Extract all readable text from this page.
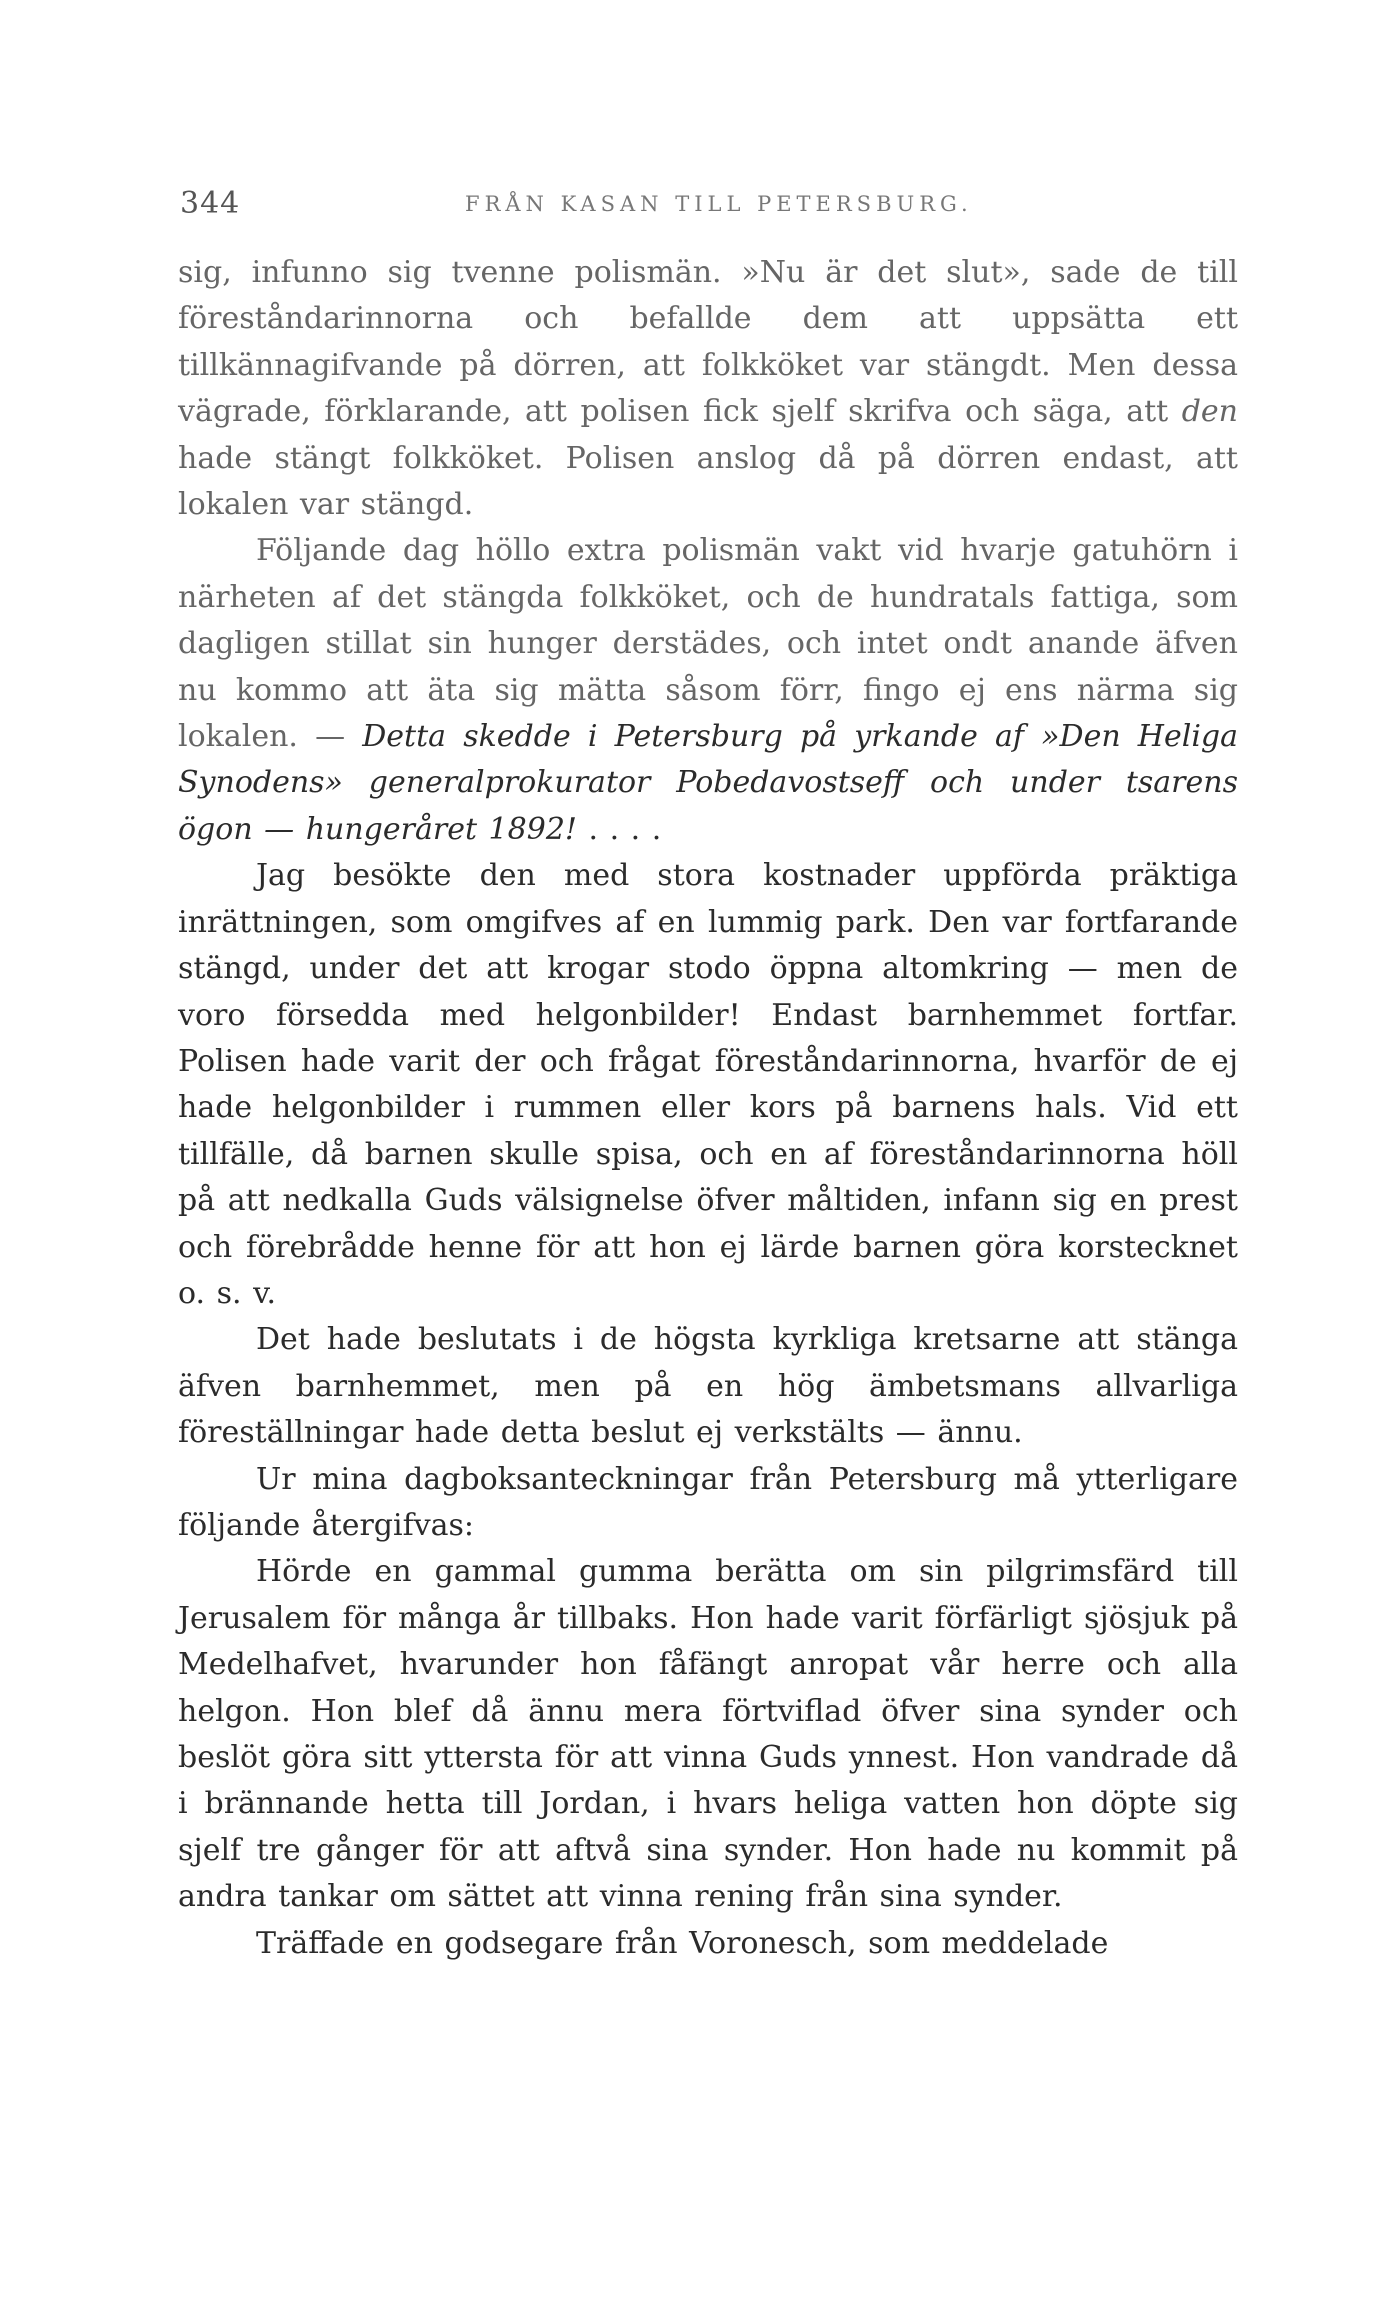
344	FRÅN KASAN TILL PETERSBURG.

sig, infunno sig tvenne polismän. »Nu är det slut», sade de till föreståndarinnorna och befallde dem att uppsätta ett tillkännagifvande på dörren, att folkköket var stängdt. Men dessa vägrade, förklarande, att polisen fick sjelf skrifva och säga, att den hade stängt folkköket. Polisen anslog då på dörren endast, att lokalen var stängd.

Följande dag höllo extra polismän vakt vid hvarje gatuhörn i närheten af det stängda folkköket, och de hundratals fattiga, som dagligen stillat sin hunger derstädes, och intet ondt anande äfven nu kommo att äta sig mätta såsom förr, fingo ej ens närma sig lokalen. — Detta skedde i Petersburg på yrkande af »Den Heliga Synodens» generalprokurator Pobedavostseff och under tsarens ögon — hungeråret 1892! . . . .

Jag besökte den med stora kostnader uppförda präktiga inrättningen, som omgifves af en lummig park. Den var fortfarande stängd, under det att krogar stodo öppna altomkring — men de voro försedda med helgonbilder! Endast barnhemmet fortfar. Polisen hade varit der och frågat föreståndarinnorna, hvarför de ej hade helgonbilder i rummen eller kors på barnens hals. Vid ett tillfälle, då barnen skulle spisa, och en af föreståndarinnorna höll på att nedkalla Guds välsignelse öfver måltiden, infann sig en prest och förebrådde henne för att hon ej lärde barnen göra korstecknet o. s. v.

Det hade beslutats i de högsta kyrkliga kretsarne att stänga äfven barnhemmet, men på en hög ämbetsmans allvarliga föreställningar hade detta beslut ej verkstälts — ännu.

Ur mina dagboksanteckningar från Petersburg må ytterligare följande återgifvas:

Hörde en gammal gumma berätta om sin pilgrimsfärd till Jerusalem för många år tillbaks. Hon hade varit förfärligt sjösjuk på Medelhafvet, hvarunder hon fåfängt anropat vår herre och alla helgon. Hon blef då ännu mera förtviflad öfver sina synder och beslöt göra sitt yttersta för att vinna Guds ynnest. Hon vandrade då i brännande hetta till Jordan, i hvars heliga vatten hon döpte sig sjelf tre gånger för att aftvå sina synder. Hon hade nu kommit på andra tankar om sättet att vinna rening från sina synder.

Träffade en godsegare från Voronesch, som meddelade
